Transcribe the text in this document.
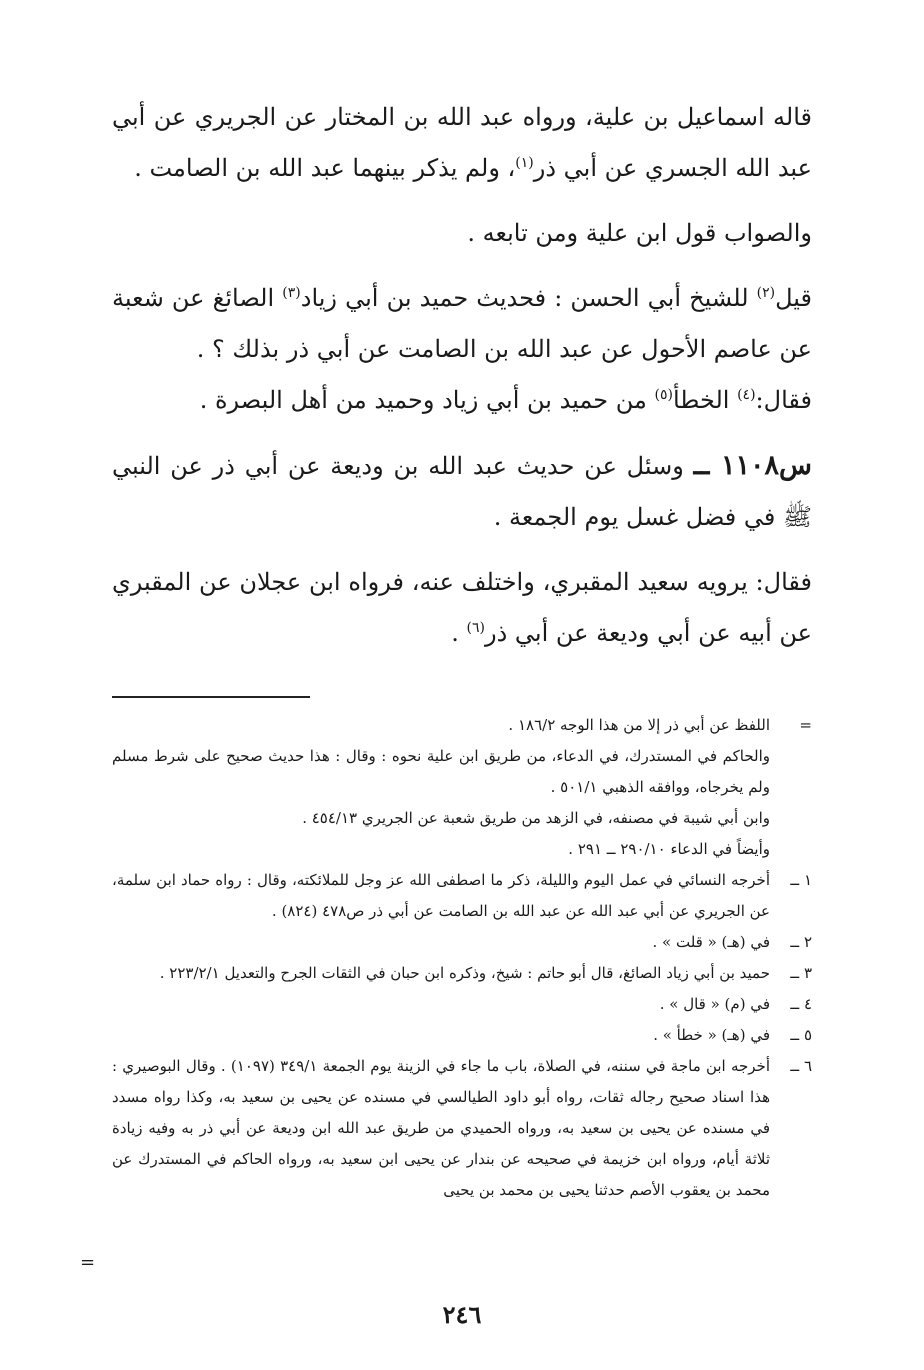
قاله اسماعيل بن علية، ورواه عبد الله بن المختار عن الجريري عن أبي عبد الله الجسري عن أبي ذر$^{(١)}$، ولم يذكر بينهما عبد الله بن الصامت .

والصواب قول ابن علية ومن تابعه .

قيل$^{(٢)}$ للشيخ أبي الحسن : فحديث حميد بن أبي زياد$^{(٣)}$ الصائغ عن شعبة عن عاصم الأحول عن عبد الله بن الصامت عن أبي ذر بذلك ؟ .

فقال:$^{(٤)}$ الخطأ$^{(٥)}$ من حميد بن أبي زياد وحميد من أهل البصرة .

س١١٠٨ ــ وسئل عن حديث عبد الله بن وديعة عن أبي ذر عن النبي ﷺ في فضل غسل يوم الجمعة .

فقال: يرويه سعيد المقبري، واختلف عنه، فرواه ابن عجلان عن المقبري عن أبيه عن أبي وديعة عن أبي ذر$^{(٦)}$ .

=
اللفظ عن أبي ذر إلا من هذا الوجه ١٨٦/٢ .
والحاكم في المستدرك، في الدعاء، من طريق ابن علية نحوه : وقال : هذا حديث صحيح على شرط مسلم ولم يخرجاه، ووافقه الذهبي ٥٠١/١ .
وابن أبي شيبة في مصنفه، في الزهد من طريق شعبة عن الجريري ٤٥٤/١٣ .
وأيضاً في الدعاء ٢٩٠/١٠ ــ ٢٩١ .
١ ــ
أخرجه النسائي في عمل اليوم والليلة، ذكر ما اصطفى الله عز وجل للملائكته، وقال : رواه حماد ابن سلمة، عن الجريري عن أبي عبد الله عن عبد الله بن الصامت عن أبي ذر ص٤٧٨ (٨٢٤) .
٢ ــ
في (هـ) « قلت » .
٣ ــ
حميد بن أبي زياد الصائغ، قال أبو حاتم : شيخ، وذكره ابن حبان في الثقات الجرح والتعديل ٢٢٣/٢/١ .
٤ ــ
في (م) « قال » .
٥ ــ
في (هـ) « خطأ » .
٦ ــ
أخرجه ابن ماجة في سننه، في الصلاة، باب ما جاء في الزينة يوم الجمعة ٣٤٩/١ (١٠٩٧) . وقال البوصيري : هذا اسناد صحيح رجاله ثقات، رواه أبو داود الطيالسي في مسنده عن يحيى بن سعيد به، وكذا رواه مسدد في مسنده عن يحيى بن سعيد به، ورواه الحميدي من طريق عبد الله ابن وديعة عن أبي ذر به وفيه زيادة ثلاثة أيام، ورواه ابن خزيمة في صحيحه عن بندار عن يحيى ابن سعيد به، ورواه الحاكم في المستدرك عن محمد بن يعقوب الأصم حدثنا يحيى بن محمد بن يحيى
=
٢٤٦
